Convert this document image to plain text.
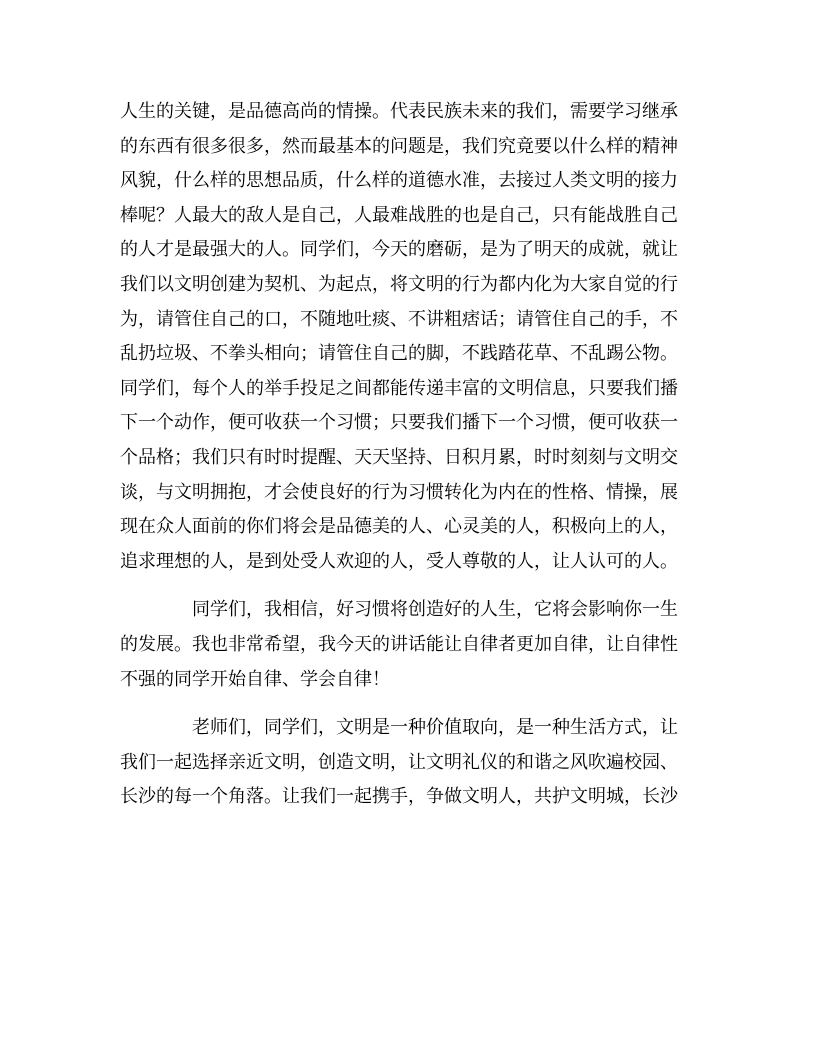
人生的关键，是品德高尚的情操。代表民族未来的我们，需要学习继承
的东西有很多很多，然而最基本的问题是，我们究竟要以什么样的精神
风貌，什么样的思想品质，什么样的道德水准，去接过人类文明的接力
棒呢？人最大的敌人是自己，人最难战胜的也是自己，只有能战胜自己
的人才是最强大的人。同学们，今天的磨砺，是为了明天的成就，就让
我们以文明创建为契机、为起点，将文明的行为都内化为大家自觉的行
为，请管住自己的口，不随地吐痰、不讲粗痞话；请管住自己的手，不
乱扔垃圾、不拳头相向；请管住自己的脚，不践踏花草、不乱踢公物。
同学们，每个人的举手投足之间都能传递丰富的文明信息，只要我们播
下一个动作，便可收获一个习惯；只要我们播下一个习惯，便可收获一
个品格；我们只有时时提醒、天天坚持、日积月累，时时刻刻与文明交
谈，与文明拥抱，才会使良好的行为习惯转化为内在的性格、情操，展
现在众人面前的你们将会是品德美的人、心灵美的人，积极向上的人，
追求理想的人，是到处受人欢迎的人，受人尊敬的人，让人认可的人。
同学们，我相信，好习惯将创造好的人生，它将会影响你一生
的发展。我也非常希望，我今天的讲话能让自律者更加自律，让自律性
不强的同学开始自律、学会自律！
老师们，同学们，文明是一种价值取向，是一种生活方式，让
我们一起选择亲近文明，创造文明，让文明礼仪的和谐之风吹遍校园、
长沙的每一个角落。让我们一起携手，争做文明人，共护文明城，长沙
